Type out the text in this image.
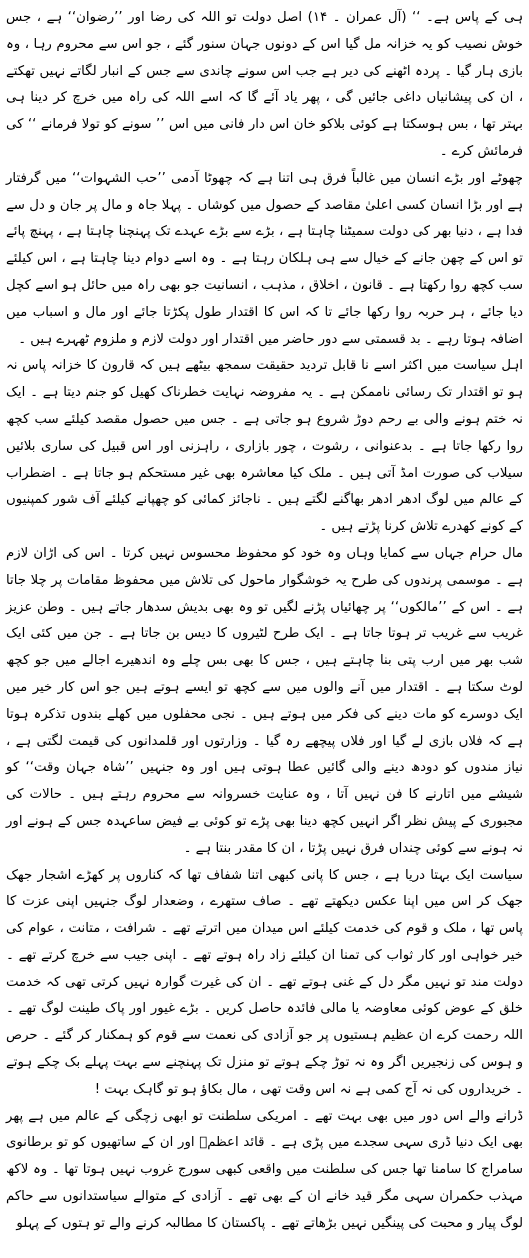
ہی کے پاس ہے۔ ‘‘ (آل عمران ۔ ۱۴) اصل دولت تو اللہ کی رضا اور ’’رضوان‘‘ ہے ، جس خوش نصیب کو یہ خزانہ مل گیا اس کے دونوں جہان سنور گئے ، جو اس سے محروم رہا ، وہ بازی ہار گیا ۔ پردہ اٹھنے کی دیر ہے جب اس سونے چاندی سے جس کے انبار لگاتے نہیں تھکتے ، ان کی پیشانیاں داغی جائیں گی ، پھر یاد آئے گا کہ اسے اللہ کی راہ میں خرچ کر دینا ہی بہتر تھا ، بس ہوسکتا ہے کوئی بلاکو خان اس دار فانی میں اس ’’ سونے کو تولا فرمانے ‘‘ کی فرمائش کرے ۔

چھوٹے اور بڑے انسان میں غالباً فرق ہی اتنا ہے کہ چھوٹا آدمی ’’حب الشہوات‘‘ میں گرفتار ہے اور بڑا انسان کسی اعلیٰ مقاصد کے حصول میں کوشاں ۔ پہلا جاہ و مال پر جان و دل سے فدا ہے ، دنیا بھر کی دولت سمیٹنا چاہتا ہے ، بڑے سے بڑے عہدے تک پہنچنا چاہتا ہے ، پہنچ پائے تو اس کے چھن جانے کے خیال سے ہی ہلکان رہتا ہے ۔ وہ اسے دوام دینا چاہتا ہے ، اس کیلئے سب کچھ روا رکھتا ہے ۔ قانون ، اخلاق ، مذہب ، انسانیت جو بھی راہ میں حائل ہو اسے کچل دیا جائے ، ہر حربہ روا رکھا جائے تا کہ اس کا اقتدار طول پکڑتا جائے اور مال و اسباب میں اضافہ ہوتا رہے ۔ بد قسمتی سے دور حاضر میں اقتدار اور دولت لازم و ملزوم ٹھہرے ہیں ۔

اہل سیاست میں اکثر اسے نا قابل تردید حقیقت سمجھ بیٹھے ہیں کہ قارون کا خزانہ پاس نہ ہو تو اقتدار تک رسائی ناممکن ہے ۔ یہ مفروضہ نہایت خطرناک کھیل کو جنم دیتا ہے ۔ ایک نہ ختم ہونے والی بے رحم دوڑ شروع ہو جاتی ہے ۔ جس میں حصول مقصد کیلئے سب کچھ روا رکھا جاتا ہے ۔ بدعنوانی ، رشوت ، چور بازاری ، راہزنی اور اس قبیل کی ساری بلائیں سیلاب کی صورت امڈ آتی ہیں ۔ ملک کیا معاشرہ بھی غیر مستحکم ہو جاتا ہے ۔ اضطراب کے عالم میں لوگ ادھر ادھر بھاگنے لگتے ہیں ۔ ناجائز کمائی کو چھپانے کیلئے آف شور کمپنیوں کے کونے کھدرے تلاش کرنا پڑتے ہیں ۔

مال حرام جہاں سے کمایا وہاں وہ خود کو محفوظ محسوس نہیں کرتا ۔ اس کی اڑان لازم ہے ۔ موسمی پرندوں کی طرح یہ خوشگوار ماحول کی تلاش میں محفوظ مقامات پر چلا جاتا ہے ۔ اس کے ’’مالکوں‘‘ پر چھائیاں پڑنے لگیں تو وہ بھی بدیش سدھار جاتے ہیں ۔ وطن عزیز غریب سے غریب تر ہوتا جاتا ہے ۔ ایک طرح لٹیروں کا دیس بن جاتا ہے ۔ جن میں کئی ایک شب بھر میں ارب پتی بنا چاہتے ہیں ، جس کا بھی بس چلے وہ اندھیرے اجالے میں جو کچھ لوٹ سکتا ہے ۔ اقتدار میں آنے والوں میں سے کچھ تو ایسے ہوتے ہیں جو اس کار خیر میں ایک دوسرے کو مات دینے کی فکر میں ہوتے ہیں ۔ نجی محفلوں میں کھلے بندوں تذکرہ ہوتا ہے کہ فلاں بازی لے گیا اور فلاں پیچھے رہ گیا ۔ وزارتوں اور قلمدانوں کی قیمت لگتی ہے ، نیاز مندوں کو دودھ دینے والی گائیں عطا ہوتی ہیں اور وہ جنہیں ’’شاہ جہان وقت‘‘ کو شیشے میں اتارنے کا فن نہیں آتا ، وہ عنایت خسروانہ سے محروم رہتے ہیں ۔ حالات کی مجبوری کے پیش نظر اگر انہیں کچھ دینا بھی پڑے تو کوئی بے فیض ساعہدہ جس کے ہونے اور نہ ہونے سے کوئی چنداں فرق نہیں پڑتا ، ان کا مقدر بنتا ہے ۔

سیاست ایک بہتا دریا ہے ، جس کا پانی کبھی اتنا شفاف تھا کہ کناروں پر کھڑے اشجار جھک جھک کر اس میں اپنا عکس دیکھتے تھے ۔ صاف ستھرے ، وضعدار لوگ جنہیں اپنی عزت کا پاس تھا ، ملک و قوم کی خدمت کیلئے اس میدان میں اترتے تھے ۔ شرافت ، متانت ، عوام کی خیر خواہی اور کار ثواب کی تمنا ان کیلئے زاد راہ ہوتے تھے ۔ اپنی جیب سے خرچ کرتے تھے ۔ دولت مند تو نہیں مگر دل کے غنی ہوتے تھے ۔ ان کی غیرت گوارہ نہیں کرتی تھی کہ خدمت خلق کے عوض کوئی معاوضہ یا مالی فائدہ حاصل کریں ۔ بڑے غیور اور پاک طینت لوگ تھے ۔ اللہ رحمت کرے ان عظیم ہستیوں پر جو آزادی کی نعمت سے قوم کو ہمکنار کر گئے ۔ حرص و ہوس کی زنجیریں اگر وہ نہ توڑ چکے ہوتے تو منزل تک پہنچنے سے بہت پہلے بک چکے ہوتے ۔ خریداروں کی نہ آج کمی ہے نہ اس وقت تھی ، مال بکاؤ ہو تو گاہک بہت !

ڈرانے والے اس دور میں بھی بہت تھے ۔ امریکی سلطنت تو ابھی زچگی کے عالم میں ہے پھر بھی ایک دنیا ڈری سہی سجدے میں پڑی ہے ۔ قائد اعظمؒ اور ان کے ساتھیوں کو تو برطانوی سامراج کا سامنا تھا جس کی سلطنت میں واقعی کبھی سورج غروب نہیں ہوتا تھا ۔ وہ لاکھ مہذب حکمران سہی مگر قید خانے ان کے بھی تھے ۔ آزادی کے متوالے سیاستدانوں سے حاکم لوگ پیار و محبت کی پینگیں نہیں بڑھاتے تھے ۔ پاکستان کا مطالبہ کرنے والے تو ہتوں کے پہلو
